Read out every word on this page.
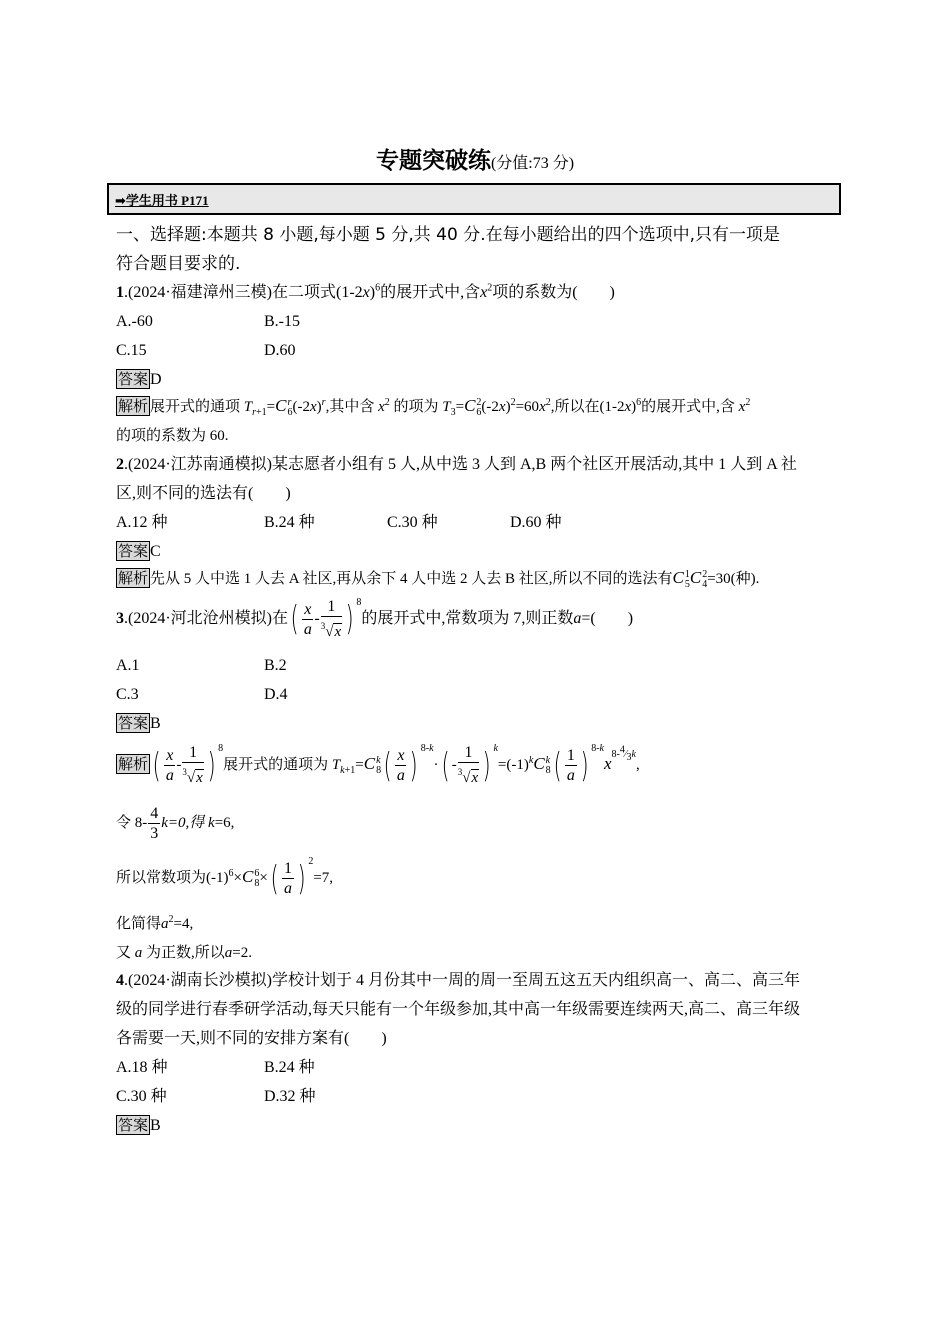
专题突破练(分值:73 分)
➡学生用书 P171
一、选择题:本题共 8 小题,每小题 5 分,共 40 分.在每小题给出的四个选项中,只有一项是
符合题目要求的.
1.(2024·福建漳州三模)在二项式$(1-2x)^6$的展开式中,含$x^2$项的系数为(　　)
A.-60	B.-15
C.15	D.60
答案 D
解析 展开式的通项 $T_{r+1}=Cr$
$6(-2x)^r$,其中含 $x^2$ 的项为 $T_3=C2$
$6(-2x)^2=60x^2$,所以在$(1-2x)^6$的展开式中,含 $x^2$
的项的系数为 60.
2.(2024·江苏南通模拟)某志愿者小组有 5 人,从中选 3 人到 A,B 两个社区开展活动,其中 1 人到 A 社
区,则不同的选法有(　　)
A.12 种	B.24 种	C.30 种	D.60 种
答案 C
解析 先从 5 人中选 1 人去 A 社区,再从余下 4 人中选 2 人去 B 社区,所以不同的选法有C1
5C2
4=30(种).
3.(2024·河北沧州模拟)在( $\frac{x}{a} - \frac{1}{^3√x}$ ) $^8$的展开式中,常数项为 7,则正数a=(　　)
A.1	B.2
C.3	D.4
答案 B
解析 ( $\frac{x}{a} - \frac{1}{^3√x}$ ) $^8$展开式的通项为 $T_{k+1}=Ck$
$8( \frac{x}{a}$ ) $^{8-k}\cdot( - \frac{1}{^3√x}$ ) $^k=(-1)^kCk$
$8( \frac{1}{a}$ ) $^{8-k}x^{8-^4⁄_3k}$,
令 $8- \frac{4}{3} k=0$,得 k=6,
所以常数项为$(-1)^6\times C6$
$8\times( \frac{1}{a}$ ) $^2$=7,
化简得$a^2=4$,
又 a 为正数,所以a=2.
4.(2024·湖南长沙模拟)学校计划于 4 月份其中一周的周一至周五这五天内组织高一、高二、高三年
级的同学进行春季研学活动,每天只能有一个年级参加,其中高一年级需要连续两天,高二、高三年级
各需要一天,则不同的安排方案有(　　)
A.18 种	B.24 种
C.30 种	D.32 种
答案 B
